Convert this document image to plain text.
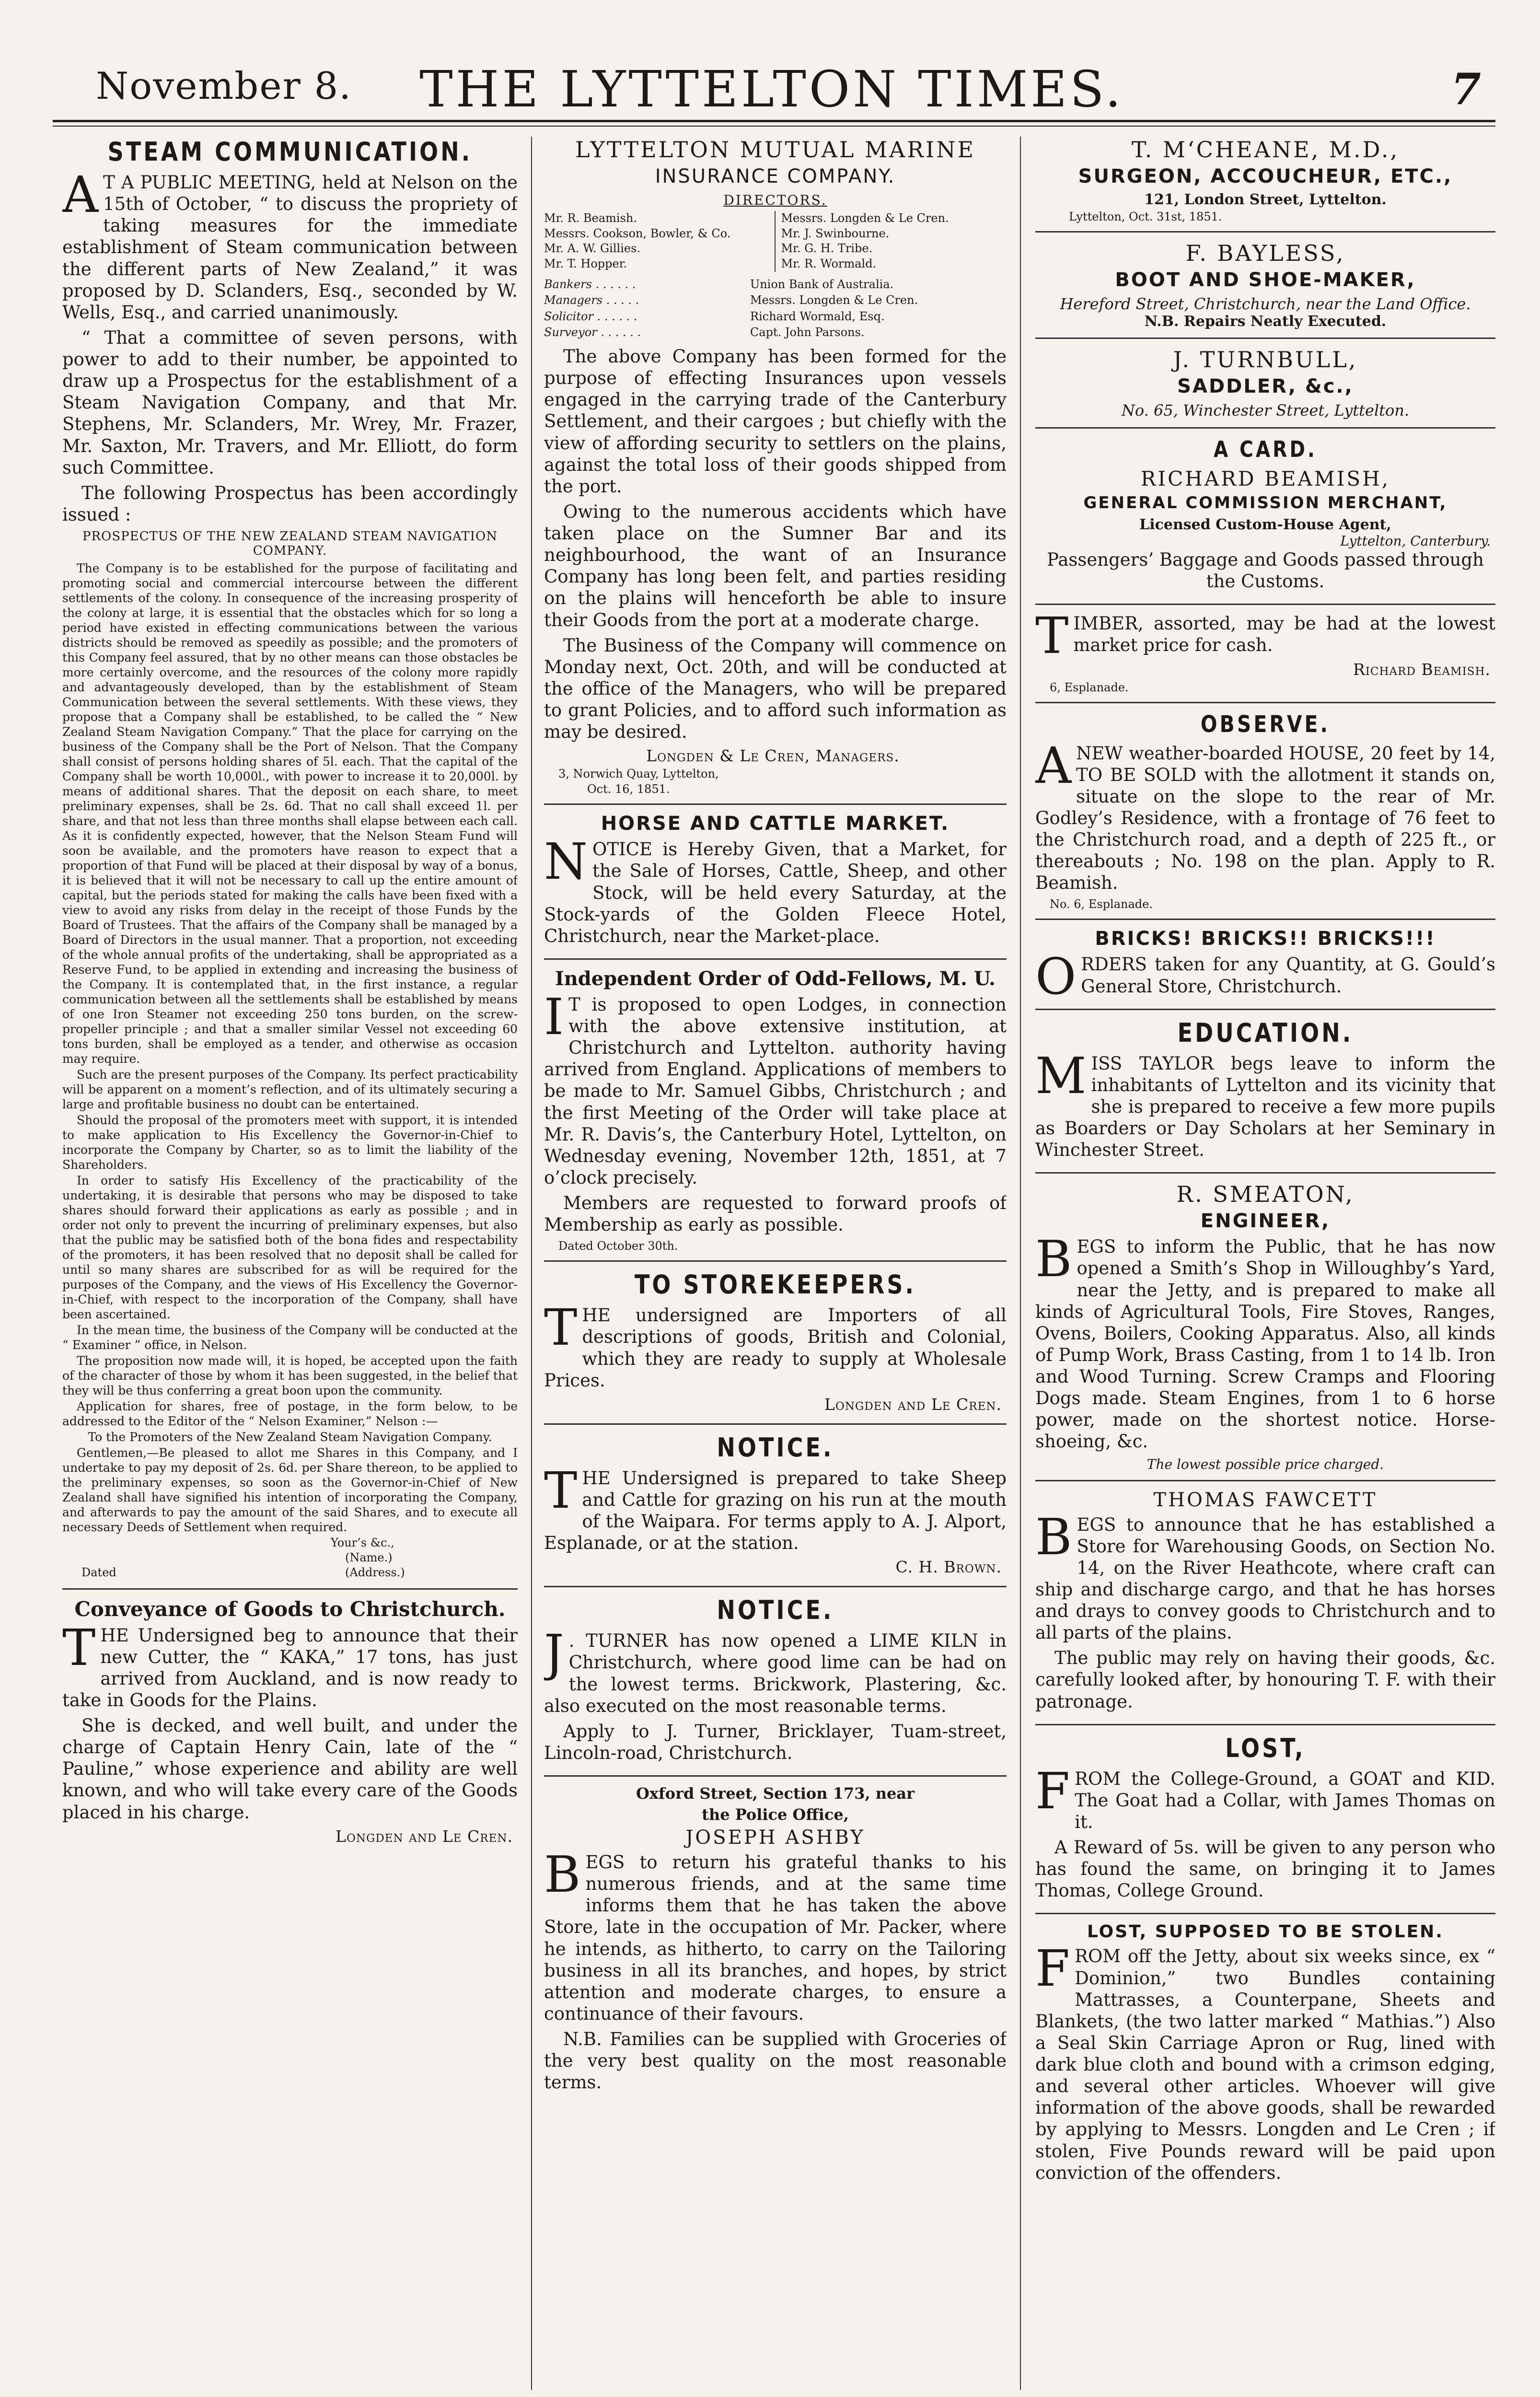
November 8.	THE LYTTELTON TIMES.	7
STEAM COMMUNICATION.
A T A PUBLIC MEETING, held at Nelson on the 15th of October, “ to discuss the propriety of taking measures for the immediate establishment of Steam communication between the different parts of New Zealand,” it was proposed by D. Sclanders, Esq., seconded by W. Wells, Esq., and carried unanimously.
“ That a committee of seven persons, with power to add to their number, be appointed to draw up a Prospectus for the establishment of a Steam Navigation Company, and that Mr. Stephens, Mr. Sclanders, Mr. Wrey, Mr. Frazer, Mr. Saxton, Mr. Travers, and Mr. Elliott, do form such Committee.
The following Prospectus has been accordingly issued :
PROSPECTUS OF THE NEW ZEALAND STEAM NAVIGATION COMPANY.
The Company is to be established for the purpose of facilitating and promoting social and commercial intercourse between the different settlements of the colony. In consequence of the increasing prosperity of the colony at large, it is essential that the obstacles which for so long a period have existed in effecting communications between the various districts should be removed as speedily as possible; and the promoters of this Company feel assured, that by no other means can those obstacles be more certainly overcome, and the resources of the colony more rapidly and advantageously developed, than by the establishment of Steam Communication between the several settlements. With these views, they propose that a Company shall be established, to be called the “ New Zealand Steam Navigation Company.” That the place for carrying on the business of the Company shall be the Port of Nelson. That the Company shall consist of persons holding shares of 5l. each. That the capital of the Company shall be worth 10,000l., with power to increase it to 20,000l. by means of additional shares. That the deposit on each share, to meet preliminary expenses, shall be 2s. 6d. That no call shall exceed 1l. per share, and that not less than three months shall elapse between each call. As it is confidently expected, however, that the Nelson Steam Fund will soon be available, and the promoters have reason to expect that a proportion of that Fund will be placed at their disposal by way of a bonus, it is believed that it will not be necessary to call up the entire amount of capital, but the periods stated for making the calls have been fixed with a view to avoid any risks from delay in the receipt of those Funds by the Board of Trustees. That the affairs of the Company shall be managed by a Board of Directors in the usual manner. That a proportion, not exceeding of the whole annual profits of the undertaking, shall be appropriated as a Reserve Fund, to be applied in extending and increasing the business of the Company. It is contemplated that, in the first instance, a regular communication between all the settlements shall be established by means of one Iron Steamer not exceeding 250 tons burden, on the screw-propeller principle ; and that a smaller similar Vessel not exceeding 60 tons burden, shall be employed as a tender, and otherwise as occasion may require.
Such are the present purposes of the Company. Its perfect practicability will be apparent on a moment’s reflection, and of its ultimately securing a large and profitable business no doubt can be entertained.
Should the proposal of the promoters meet with support, it is intended to make application to His Excellency the Governor-in-Chief to incorporate the Company by Charter, so as to limit the liability of the Shareholders.
In order to satisfy His Excellency of the practicability of the undertaking, it is desirable that persons who may be disposed to take shares should forward their applications as early as possible ; and in order not only to prevent the incurring of preliminary expenses, but also that the public may be satisfied both of the bona fides and respectability of the promoters, it has been resolved that no deposit shall be called for until so many shares are subscribed for as will be required for the purposes of the Company, and the views of His Excellency the Governor-in-Chief, with respect to the incorporation of the Company, shall have been ascertained.
In the mean time, the business of the Company will be conducted at the “ Examiner ” office, in Nelson.
The proposition now made will, it is hoped, be accepted upon the faith of the character of those by whom it has been suggested, in the belief that they will be thus conferring a great boon upon the community.
Application for shares, free of postage, in the form below, to be addressed to the Editor of the “ Nelson Examiner,” Nelson :—
To the Promoters of the New Zealand Steam Navigation Company.
Gentlemen,—Be pleased to allot me Shares in this Company, and I undertake to pay my deposit of 2s. 6d. per Share thereon, to be applied to the preliminary expenses, so soon as the Governor-in-Chief of New Zealand shall have signified his intention of incorporating the Company, and afterwards to pay the amount of the said Shares, and to execute all necessary Deeds of Settlement when required.
Your’s &c.,
(Name.)
Dated	(Address.)
Conveyance of Goods to Christchurch.
THE Undersigned beg to announce that their new Cutter, the “ KAKA,” 17 tons, has just arrived from Auckland, and is now ready to take in Goods for the Plains.
She is decked, and well built, and under the charge of Captain Henry Cain, late of the “ Pauline,” whose experience and ability are well known, and who will take every care of the Goods placed in his charge.
Longden and Le Cren.
LYTTELTON MUTUAL MARINE
INSURANCE COMPANY.
DIRECTORS.
Mr. R. Beamish.
Messrs. Cookson, Bowler, & Co.
Mr. A. W. Gillies.
Mr. T. Hopper.
Messrs. Longden & Le Cren.
Mr. J. Swinbourne.
Mr. G. H. Tribe.
Mr. R. Wormald.
Bankers . . . . . .	Union Bank of Australia.
Managers . . . . .	Messrs. Longden & Le Cren.
Solicitor . . . . . .	Richard Wormald, Esq.
Surveyor . . . . . .	Capt. John Parsons.
The above Company has been formed for the purpose of effecting Insurances upon vessels engaged in the carrying trade of the Canterbury Settlement, and their cargoes ; but chiefly with the view of affording security to settlers on the plains, against the total loss of their goods shipped from the port.
Owing to the numerous accidents which have taken place on the Sumner Bar and its neighbourhood, the want of an Insurance Company has long been felt, and parties residing on the plains will henceforth be able to insure their Goods from the port at a moderate charge.
The Business of the Company will commence on Monday next, Oct. 20th, and will be conducted at the office of the Managers, who will be prepared to grant Policies, and to afford such information as may be desired.
Longden & Le Cren, Managers.
3, Norwich Quay, Lyttelton,
Oct. 16, 1851.
HORSE AND CATTLE MARKET.
NOTICE is Hereby Given, that a Market, for the Sale of Horses, Cattle, Sheep, and other Stock, will be held every Saturday, at the Stock-yards of the Golden Fleece Hotel, Christchurch, near the Market-place.
Independent Order of Odd-Fellows, M. U.
I T is proposed to open Lodges, in connection with the above extensive institution, at Christchurch and Lyttelton. authority having arrived from England. Applications of members to be made to Mr. Samuel Gibbs, Christchurch ; and the first Meeting of the Order will take place at Mr. R. Davis’s, the Canterbury Hotel, Lyttelton, on Wednesday evening, November 12th, 1851, at 7 o’clock precisely.
Members are requested to forward proofs of Membership as early as possible.
Dated October 30th.
TO STOREKEEPERS.
THE undersigned are Importers of all descriptions of goods, British and Colonial, which they are ready to supply at Wholesale Prices.
Longden and Le Cren.
NOTICE.
THE Undersigned is prepared to take Sheep and Cattle for grazing on his run at the mouth of the Waipara. For terms apply to A. J. Alport, Esplanade, or at the station.
C. H. Brown.
NOTICE.
J . TURNER has now opened a LIME KILN in Christchurch, where good lime can be had on the lowest terms. Brickwork, Plastering, &c. also executed on the most reasonable terms.
Apply to J. Turner, Bricklayer, Tuam-street, Lincoln-road, Christchurch.
Oxford Street, Section 173, near
the Police Office,
JOSEPH ASHBY
BEGS to return his grateful thanks to his numerous friends, and at the same time informs them that he has taken the above Store, late in the occupation of Mr. Packer, where he intends, as hitherto, to carry on the Tailoring business in all its branches, and hopes, by strict attention and moderate charges, to ensure a continuance of their favours.
N.B. Families can be supplied with Groceries of the very best quality on the most reasonable terms.
T. M‘CHEANE, M.D.,
SURGEON, ACCOUCHEUR, ETC.,
121, London Street, Lyttelton.
Lyttelton, Oct. 31st, 1851.
F. BAYLESS,
BOOT AND SHOE-MAKER,
Hereford Street, Christchurch, near the Land Office.
N.B. Repairs Neatly Executed.
J. TURNBULL,
SADDLER, &c.,
No. 65, Winchester Street, Lyttelton.
A CARD.
RICHARD BEAMISH,
GENERAL COMMISSION MERCHANT,
Licensed Custom-House Agent,
Lyttelton, Canterbury.
Passengers’ Baggage and Goods passed through the Customs.
TIMBER, assorted, may be had at the lowest market price for cash.
Richard Beamish.
6, Esplanade.
OBSERVE.
ANEW weather-boarded HOUSE, 20 feet by 14, TO BE SOLD with the allotment it stands on, situate on the slope to the rear of Mr. Godley’s Residence, with a frontage of 76 feet to the Christchurch road, and a depth of 225 ft., or thereabouts ; No. 198 on the plan. Apply to R. Beamish.
No. 6, Esplanade.
BRICKS! BRICKS!! BRICKS!!!
ORDERS taken for any Quantity, at G. Gould’s General Store, Christchurch.
EDUCATION.
MISS TAYLOR begs leave to inform the inhabitants of Lyttelton and its vicinity that she is prepared to receive a few more pupils as Boarders or Day Scholars at her Seminary in Winchester Street.
R. SMEATON,
ENGINEER,
BEGS to inform the Public, that he has now opened a Smith’s Shop in Willoughby’s Yard, near the Jetty, and is prepared to make all kinds of Agricultural Tools, Fire Stoves, Ranges, Ovens, Boilers, Cooking Apparatus. Also, all kinds of Pump Work, Brass Casting, from 1 to 14 lb. Iron and Wood Turning. Screw Cramps and Flooring Dogs made. Steam Engines, from 1 to 6 horse power, made on the shortest notice. Horse-shoeing, &c.
The lowest possible price charged.
THOMAS FAWCETT
BEGS to announce that he has established a Store for Warehousing Goods, on Section No. 14, on the River Heathcote, where craft can ship and discharge cargo, and that he has horses and drays to convey goods to Christchurch and to all parts of the plains.
The public may rely on having their goods, &c. carefully looked after, by honouring T. F. with their patronage.
LOST,
FROM the College-Ground, a GOAT and KID. The Goat had a Collar, with James Thomas on it.
A Reward of 5s. will be given to any person who has found the same, on bringing it to James Thomas, College Ground.
LOST, SUPPOSED TO BE STOLEN.
FROM off the Jetty, about six weeks since, ex “ Dominion,” two Bundles containing Mattrasses, a Counterpane, Sheets and Blankets, (the two latter marked “ Mathias.”) Also a Seal Skin Carriage Apron or Rug, lined with dark blue cloth and bound with a crimson edging, and several other articles. Whoever will give information of the above goods, shall be rewarded by applying to Messrs. Longden and Le Cren ; if stolen, Five Pounds reward will be paid upon conviction of the offenders.
